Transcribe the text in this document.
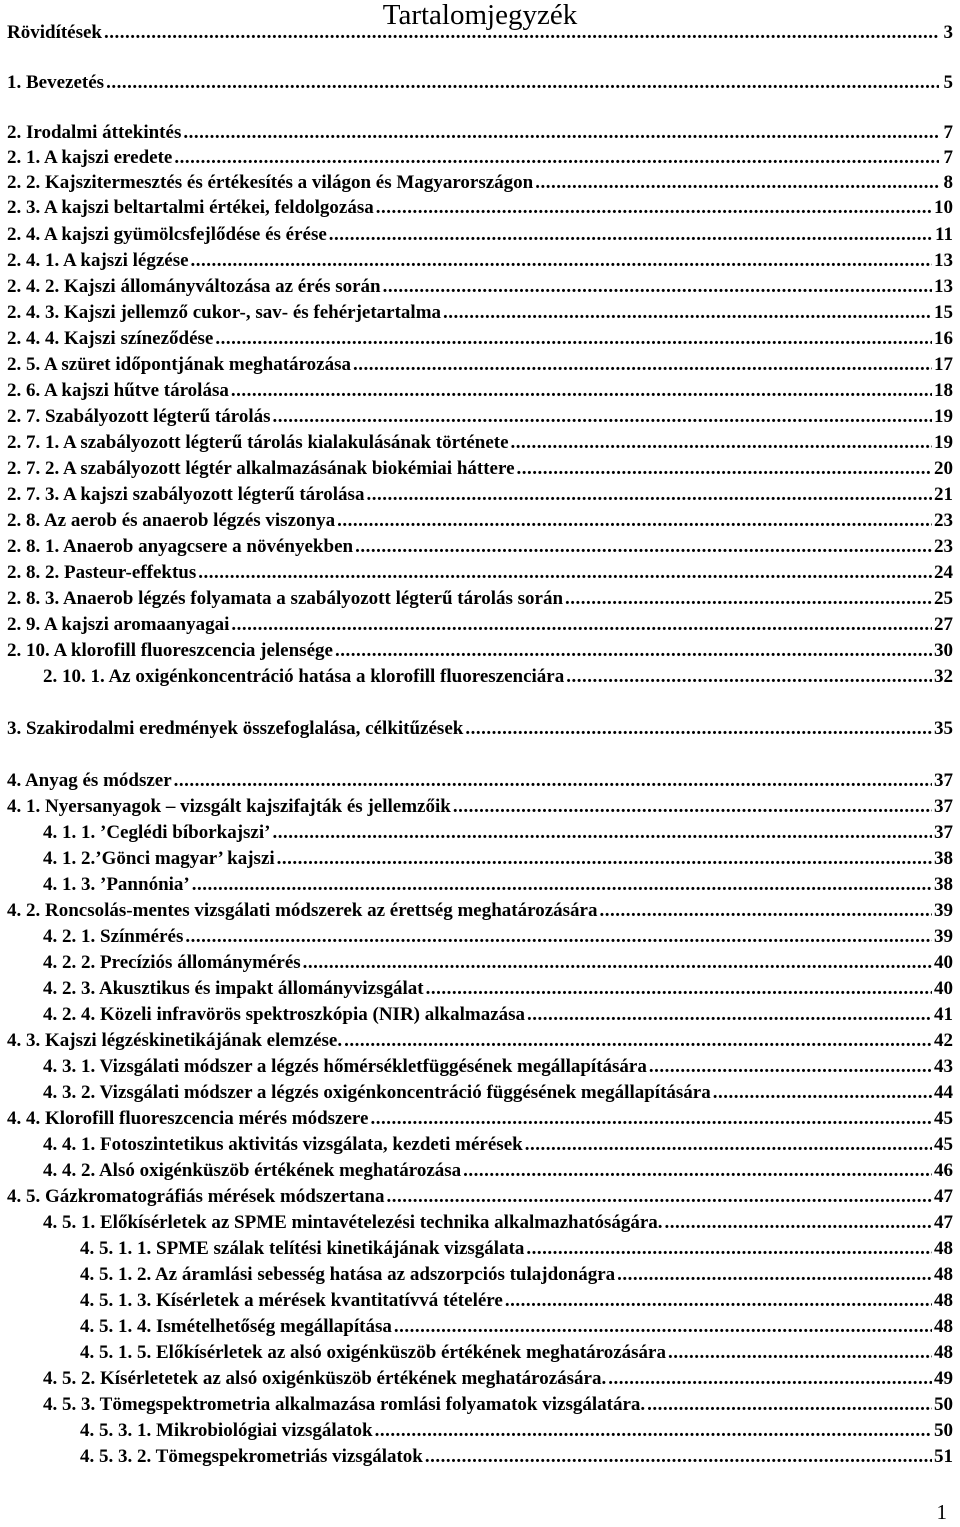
Tartalomjegyzék
Rövidítések .....	3
1. Bevezetés .....	5
2. Irodalmi áttekintés .....	7
2. 1. A kajszi eredete .....	7
2. 2. Kajszitermesztés és értékesítés a világon és Magyarországon .....	8
2. 3. A kajszi beltartalmi értékei, feldolgozása .....	10
2. 4. A kajszi gyümölcsfejlődése és érése .....	11
2. 4. 1. A kajszi légzése .....	13
2. 4. 2. Kajszi állományváltozása az érés során .....	13
2. 4. 3. Kajszi jellemző cukor-, sav- és fehérjetartalma .....	15
2. 4. 4. Kajszi színeződése .....	16
2. 5. A szüret időpontjának meghatározása .....	17
2. 6. A kajszi hűtve tárolása .....	18
2. 7. Szabályozott légterű tárolás .....	19
2. 7. 1. A szabályozott légterű tárolás kialakulásának története .....	19
2. 7. 2. A szabályozott légtér alkalmazásának biokémiai háttere .....	20
2. 7. 3. A kajszi szabályozott légterű tárolása .....	21
2. 8. Az aerob és anaerob légzés viszonya .....	23
2. 8. 1. Anaerob anyagcsere a növényekben .....	23
2. 8. 2. Pasteur-effektus .....	24
2. 8. 3. Anaerob légzés folyamata a szabályozott légterű tárolás során .....	25
2. 9. A kajszi aromaanyagai .....	27
2. 10. A klorofill fluoreszcencia jelensége .....	30
2. 10. 1. Az oxigénkoncentráció hatása a klorofill fluoreszenciára .....	32
3. Szakirodalmi eredmények összefoglalása, célkitűzések .....	35
4. Anyag és módszer .....	37
4. 1. Nyersanyagok – vizsgált kajszifajták és jellemzőik .....	37
4. 1. 1. ’Ceglédi bíborkajszi’ .....	37
4. 1. 2.’Gönci magyar’ kajszi .....	38
4. 1. 3. ’Pannónia’ .....	38
4. 2. Roncsolás-mentes vizsgálati módszerek az érettség meghatározására .....	39
4. 2. 1. Színmérés .....	39
4. 2. 2. Precíziós állománymérés .....	40
4. 2. 3. Akusztikus és impakt állományvizsgálat .....	40
4. 2. 4. Közeli infravörös spektroszkópia (NIR) alkalmazása .....	41
4. 3. Kajszi légzéskinetikájának elemzése. .....	42
4. 3. 1. Vizsgálati módszer a légzés hőmérsékletfüggésének megállapítására .....	43
4. 3. 2. Vizsgálati módszer a légzés oxigénkoncentráció függésének megállapítására .....	44
4. 4. Klorofill fluoreszcencia mérés módszere .....	45
4. 4. 1. Fotoszintetikus aktivitás vizsgálata, kezdeti mérések .....	45
4. 4. 2. Alsó oxigénküszöb értékének meghatározása .....	46
4. 5. Gázkromatográfiás mérések módszertana .....	47
4. 5. 1. Előkísérletek az SPME mintavételezési technika alkalmazhatóságára. .....	47
4. 5. 1. 1. SPME szálak telítési kinetikájának vizsgálata .....	48
4. 5. 1. 2. Az áramlási sebesség hatása az adszorpciós tulajdonágra .....	48
4. 5. 1. 3. Kísérletek a mérések kvantitatívvá tételére .....	48
4. 5. 1. 4. Ismételhetőség megállapítása .....	48
4. 5. 1. 5. Előkísérletek az alsó oxigénküszöb értékének meghatározására .....	48
4. 5. 2. Kísérletetek az alsó oxigénküszöb értékének meghatározására. .....	49
4. 5. 3. Tömegspektrometria alkalmazása romlási folyamatok vizsgálatára. .....	50
4. 5. 3. 1. Mikrobiológiai vizsgálatok .....	50
4. 5. 3. 2. Tömegspekrometriás vizsgálatok .....	51
1
